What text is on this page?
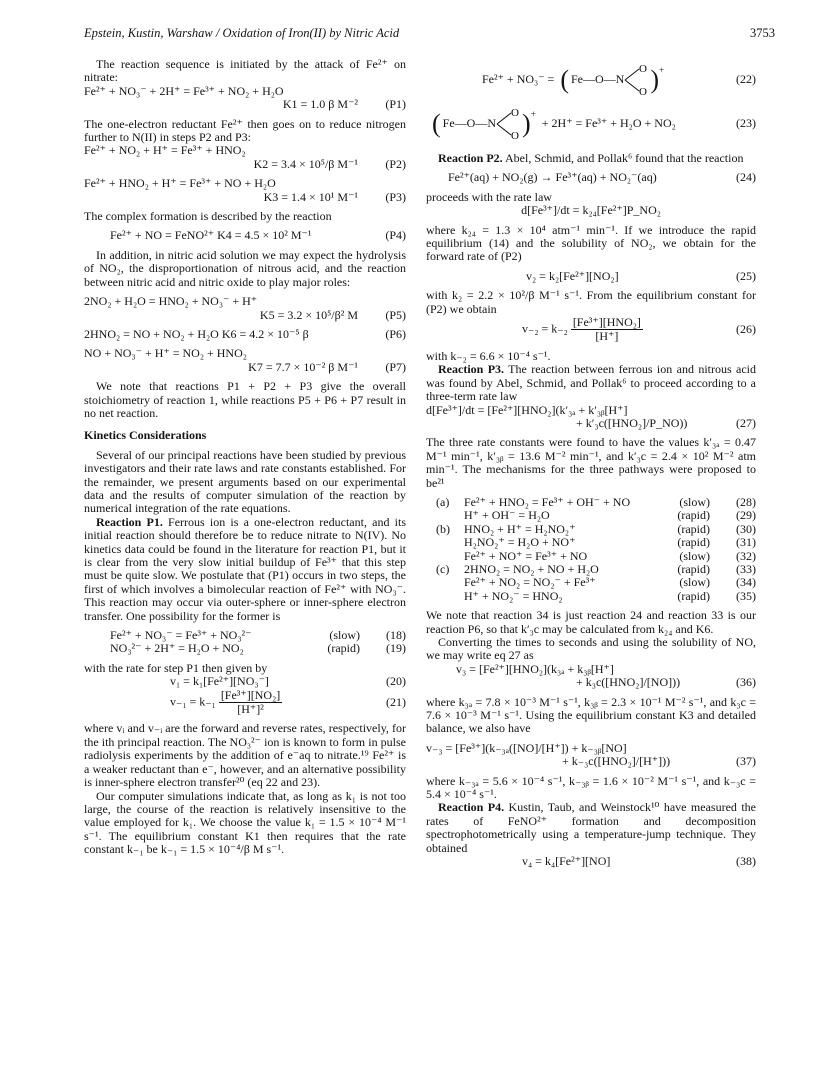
Epstein, Kustin, Warshaw / Oxidation of Iron(II) by Nitric Acid	3753

The reaction sequence is initiated by the attack of Fe²⁺ on nitrate:

Fe²⁺ + NO₃⁻ + 2H⁺ = Fe³⁺ + NO₂ + H₂O
K1 = 1.0 β M⁻²	(P1)

The one-electron reductant Fe²⁺ then goes on to reduce nitrogen further to N(II) in steps P2 and P3:

Fe²⁺ + NO₂ + H⁺ = Fe³⁺ + HNO₂
K2 = 3.4 × 10⁵/β M⁻¹	(P2)
Fe²⁺ + HNO₂ + H⁺ = Fe³⁺ + NO + H₂O
K3 = 1.4 × 10¹ M⁻¹	(P3)

The complex formation is described by the reaction

Fe²⁺ + NO = FeNO²⁺ K4 = 4.5 × 10² M⁻¹	(P4)

In addition, in nitric acid solution we may expect the hydrolysis of NO₂, the disproportionation of nitrous acid, and the reaction between nitric acid and nitric oxide to play major roles:

2NO₂ + H₂O = HNO₂ + NO₃⁻ + H⁺
K5 = 3.2 × 10⁵/β² M	(P5)
2HNO₂ = NO + NO₂ + H₂O K6 = 4.2 × 10⁻⁵ β	(P6)
NO + NO₃⁻ + H⁺ = NO₂ + HNO₂
K7 = 7.7 × 10⁻² β M⁻¹	(P7)

We note that reactions P1 + P2 + P3 give the overall stoichiometry of reaction 1, while reactions P5 + P6 + P7 result in no net reaction.

Kinetics Considerations

Several of our principal reactions have been studied by previous investigators and their rate laws and rate constants established. For the remainder, we present arguments based on our experimental data and the results of computer simulation of the reaction by numerical integration of the rate equations.

Reaction P1. Ferrous ion is a one-electron reductant, and its initial reaction should therefore be to reduce nitrate to N(IV). No kinetics data could be found in the literature for reaction P1, but it is clear from the very slow initial buildup of Fe³⁺ that this step must be quite slow. We postulate that (P1) occurs in two steps, the first of which involves a bimolecular reaction of Fe²⁺ with NO₃⁻. This reaction may occur via outer-sphere or inner-sphere electron transfer. One possibility for the former is

Fe²⁺ + NO₃⁻ = Fe³⁺ + NO₃²⁻	(slow)	(18)
NO₃²⁻ + 2H⁺ = H₂O + NO₂	(rapid)	(19)

with the rate for step P1 then given by

v₁ = k₁[Fe²⁺][NO₃⁻]	(20)
$v_{-1} = k_{-1} \frac{\text{[Fe³⁺][NO₂]}}{\text{[H⁺]²}}$	(21)

where vᵢ and v₋ᵢ are the forward and reverse rates, respectively, for the ith principal reaction. The NO₃²⁻ ion is known to form in pulse radiolysis experiments by the addition of e⁻aq to nitrate.¹⁹ Fe²⁺ is a weaker reductant than e⁻, however, and an alternative possibility is inner-sphere electron transfer²⁰ (eq 22 and 23).

Our computer simulations indicate that, as long as k₁ is not too large, the course of the reaction is relatively insensitive to the value employed for k₁. We choose the value k₁ = 1.5 × 10⁻⁴ M⁻¹ s⁻¹. The equilibrium constant K1 then requires that the rate constant k₋₁ be k₋₁ = 1.5 × 10⁻⁴/β M s⁻¹.

Fe²⁺ + NO₃⁻ = ( Fe—O—N
O
O ) +
(22)
( Fe—O—N
O
O ) +
+ 2H⁺ = Fe³⁺ + H₂O + NO₂	(23)

Reaction P2. Abel, Schmid, and Pollak⁶ found that the reaction

Fe²⁺(aq) + NO₂(g) → Fe³⁺(aq) + NO₂⁻(aq)	(24)

proceeds with the rate law

d[Fe³⁺]/dt = k₂₄[Fe²⁺]P_NO₂

where k₂₄ = 1.3 × 10⁴ atm⁻¹ min⁻¹. If we introduce the rapid equilibrium (14) and the solubility of NO₂, we obtain for the forward rate of (P2)

v₂ = k₂[Fe²⁺][NO₂]	(25)

with k₂ = 2.2 × 10²/β M⁻¹ s⁻¹. From the equilibrium constant for (P2) we obtain

$v_{-2} = k_{-2} \frac{\text{[Fe³⁺][HNO₂]}}{[H^+]}$	(26)

with k₋₂ = 6.6 × 10⁻⁴ s⁻¹.

Reaction P3. The reaction between ferrous ion and nitrous acid was found by Abel, Schmid, and Pollak⁶ to proceed according to a three-term rate law

d[Fe³⁺]/dt = [Fe²⁺][HNO₂](k′₃ₐ + k′₃ᵦ[H⁺]
+ k′₃c([HNO₂]/P_NO))	(27)

The three rate constants were found to have the values k′₃ₐ = 0.47 M⁻¹ min⁻¹, k′₃ᵦ = 13.6 M⁻² min⁻¹, and k′₃c = 2.4 × 10² M⁻² atm min⁻¹. The mechanisms for the three pathways were proposed to be²¹

(a)	Fe²⁺ + HNO₂ = Fe³⁺ + OH⁻ + NO	(slow)	(28)
H⁺ + OH⁻ = H₂O	(rapid)	(29)
(b)	HNO₂ + H⁺ = H₂NO₂⁺	(rapid)	(30)
H₂NO₂⁺ = H₂O + NO⁺	(rapid)	(31)
Fe²⁺ + NO⁺ = Fe³⁺ + NO	(slow)	(32)
(c)	2HNO₂ = NO₂ + NO + H₂O	(rapid)	(33)
Fe²⁺ + NO₂ = NO₂⁻ + Fe³⁺	(slow)	(34)
H⁺ + NO₂⁻ = HNO₂	(rapid)	(35)

We note that reaction 34 is just reaction 24 and reaction 33 is our reaction P6, so that k′₃c may be calculated from k₂₄ and K6.

Converting the times to seconds and using the solubility of NO, we may write eq 27 as

v₃ = [Fe²⁺][HNO₂](k₃ₐ + k₃ᵦ[H⁺]
+ k₃c([HNO₂]/[NO]))	(36)

where k₃ₐ = 7.8 × 10⁻³ M⁻¹ s⁻¹, k₃ᵦ = 2.3 × 10⁻¹ M⁻² s⁻¹, and k₃c = 7.6 × 10⁻³ M⁻¹ s⁻¹. Using the equilibrium constant K3 and detailed balance, we also have

v₋₃ = [Fe³⁺](k₋₃ₐ([NO]/[H⁺]) + k₋₃ᵦ[NO]
+ k₋₃c([HNO₂]/[H⁺]))	(37)

where k₋₃ₐ = 5.6 × 10⁻⁴ s⁻¹, k₋₃ᵦ = 1.6 × 10⁻² M⁻¹ s⁻¹, and k₋₃c = 5.4 × 10⁻⁴ s⁻¹.

Reaction P4. Kustin, Taub, and Weinstock¹⁰ have measured the rates of FeNO²⁺ formation and decomposition spectrophotometrically using a temperature-jump technique. They obtained

v₄ = k₄[Fe²⁺][NO]	(38)
